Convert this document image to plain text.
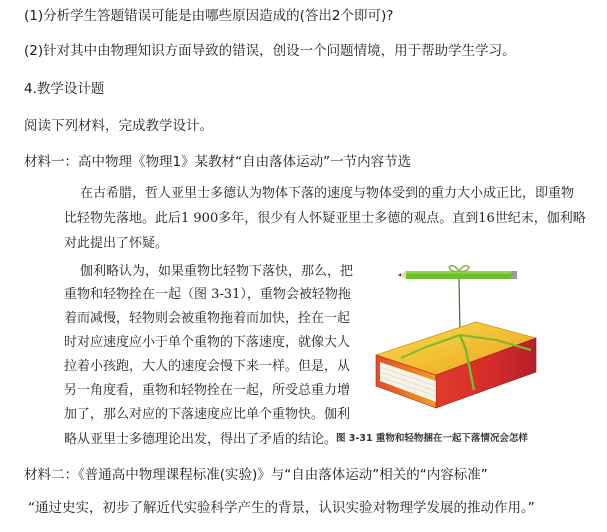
(1)分析学生答题错误可能是由哪些原因造成的(答出2个即可)?
(2)针对其中由物理知识方面导致的错误，创设一个问题情境，用于帮助学生学习。
4.教学设计题
阅读下列材料，完成教学设计。
材料一：高中物理《物理1》某教材“自由落体运动”一节内容节选
在古希腊，哲人亚里士多德认为物体下落的速度与物体受到的重力大小成正比，即重物
比轻物先落地。此后1 900多年，很少有人怀疑亚里士多德的观点。直到16世纪末，伽利略
对此提出了怀疑。
伽利略认为，如果重物比轻物下落快，那么，把
重物和轻物拴在一起（图 3-31），重物会被轻物拖
着而减慢，轻物则会被重物拖着而加快，拴在一起
时对应速度应小于单个重物的下落速度，就像大人
拉着小孩跑，大人的速度会慢下来一样。但是，从
另一角度看，重物和轻物拴在一起，所受总重力增
加了，那么对应的下落速度应比单个重物快。伽利
略从亚里士多德理论出发，得出了矛盾的结论。
图 3-31 重物和轻物捆在一起下落情况会怎样
材料二：《普通高中物理课程标准(实验)》与“自由落体运动”相关的“内容标准”
“通过史实，初步了解近代实验科学产生的背景，认识实验对物理学发展的推动作用。”
